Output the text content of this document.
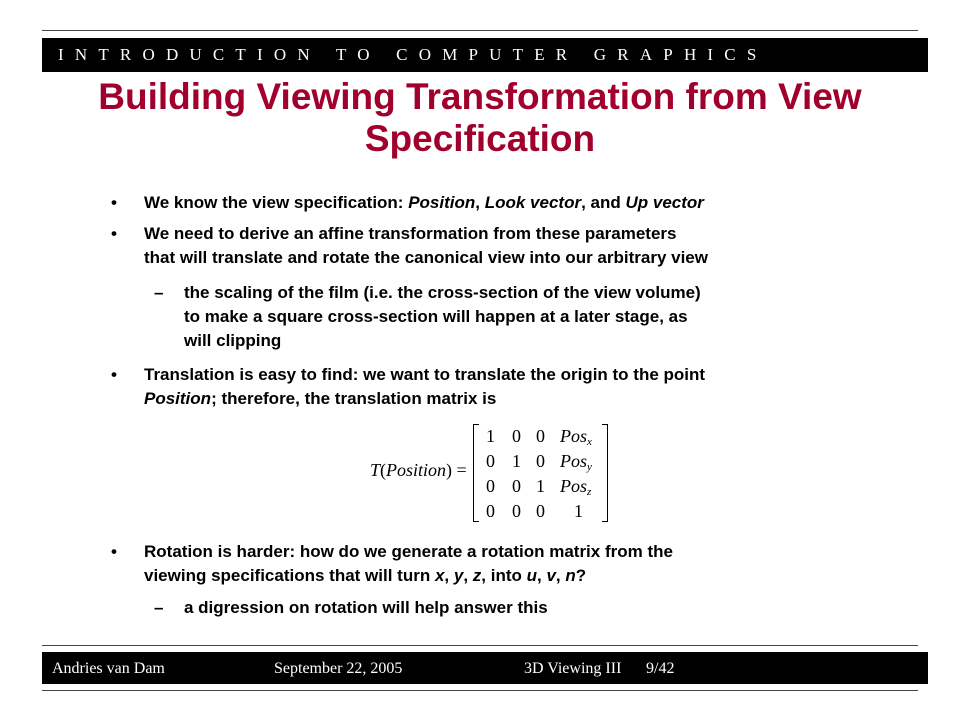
INTRODUCTION TO COMPUTER GRAPHICS
Building Viewing Transformation from View
Specification
• We know the view specification: Position, Look vector, and Up vector
• We need to derive an affine transformation from these parameters
that will translate and rotate the canonical view into our arbitrary view
– the scaling of the film (i.e. the cross-section of the view volume)
to make a square cross-section will happen at a later stage, as
will clipping
• Translation is easy to find: we want to translate the origin to the point
Position; therefore, the translation matrix is
T(Position) =
1 0 0 Pos$_x$
0 1 0 Pos$_y$
0 0 1 Pos$_z$
0 0 0 1
• Rotation is harder: how do we generate a rotation matrix from the
viewing specifications that will turn x, y, z, into u, v, n?
– a digression on rotation will help answer this
Andries van Dam	September 22, 2005	3D Viewing III 9/42
